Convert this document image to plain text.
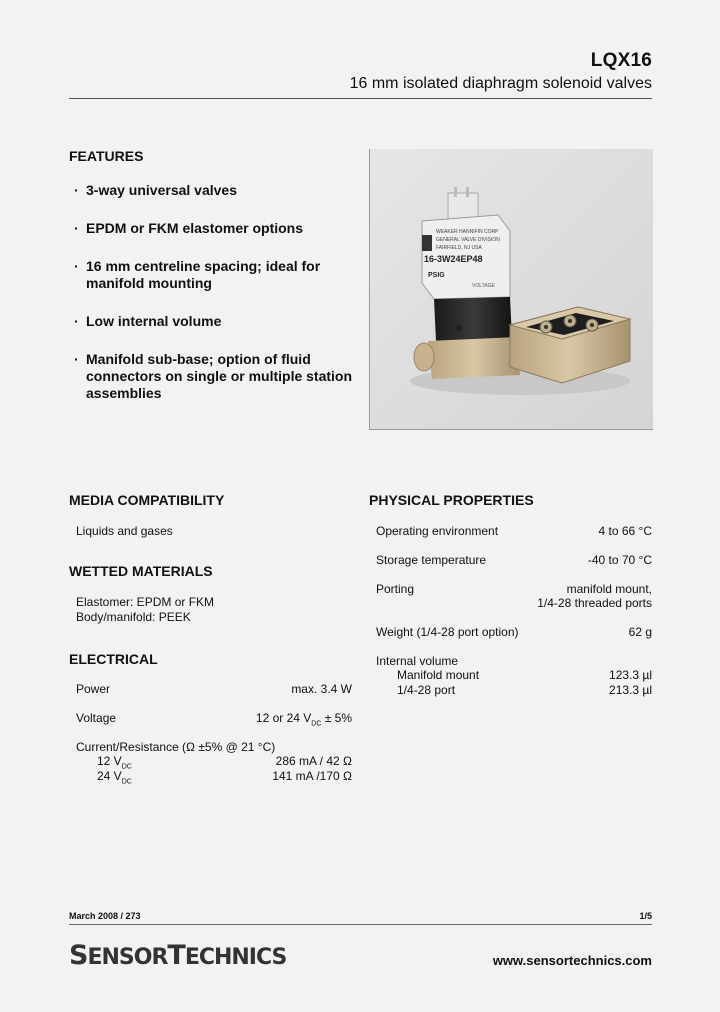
LQX16
16 mm isolated diaphragm solenoid valves
FEATURES
· 3-way universal valves
· EPDM or FKM elastomer options
· 16 mm centreline spacing; ideal for
manifold mounting
· Low internal volume
· Manifold sub-base; option of fluid
connectors on single or multiple station
assemblies
WEAKER HANNIFIN CORP
GENERAL VALVE DIVISION
FAIRFIELD, NJ USA
16-3W24EP48
PSIG
VOLTAGE
MEDIA COMPATIBILITY
Liquids and gases
WETTED MATERIALS
Elastomer: EPDM or FKM
Body/manifold: PEEK
ELECTRICAL
Power	max. 3.4 W
Voltage	12 or 24 $V_{DC} \pm 5\%$
Current/Resistance (Ω ±5% @ 21 °C)
12 $V_{DC}$	286 mA / 42 Ω
24 $V_{DC}$	141 mA /170 Ω
PHYSICAL PROPERTIES
Operating environment	4 to 66 °C
Storage temperature	-40 to 70 °C
Porting	manifold mount,
1/4-28 threaded ports
Weight (1/4-28 port option)	62 g
Internal volume
Manifold mount	123.3 µl
1/4-28 port	213.3 µl
March 2008 / 273	1/5
SENSORTECHNICS	www.sensortechnics.com
